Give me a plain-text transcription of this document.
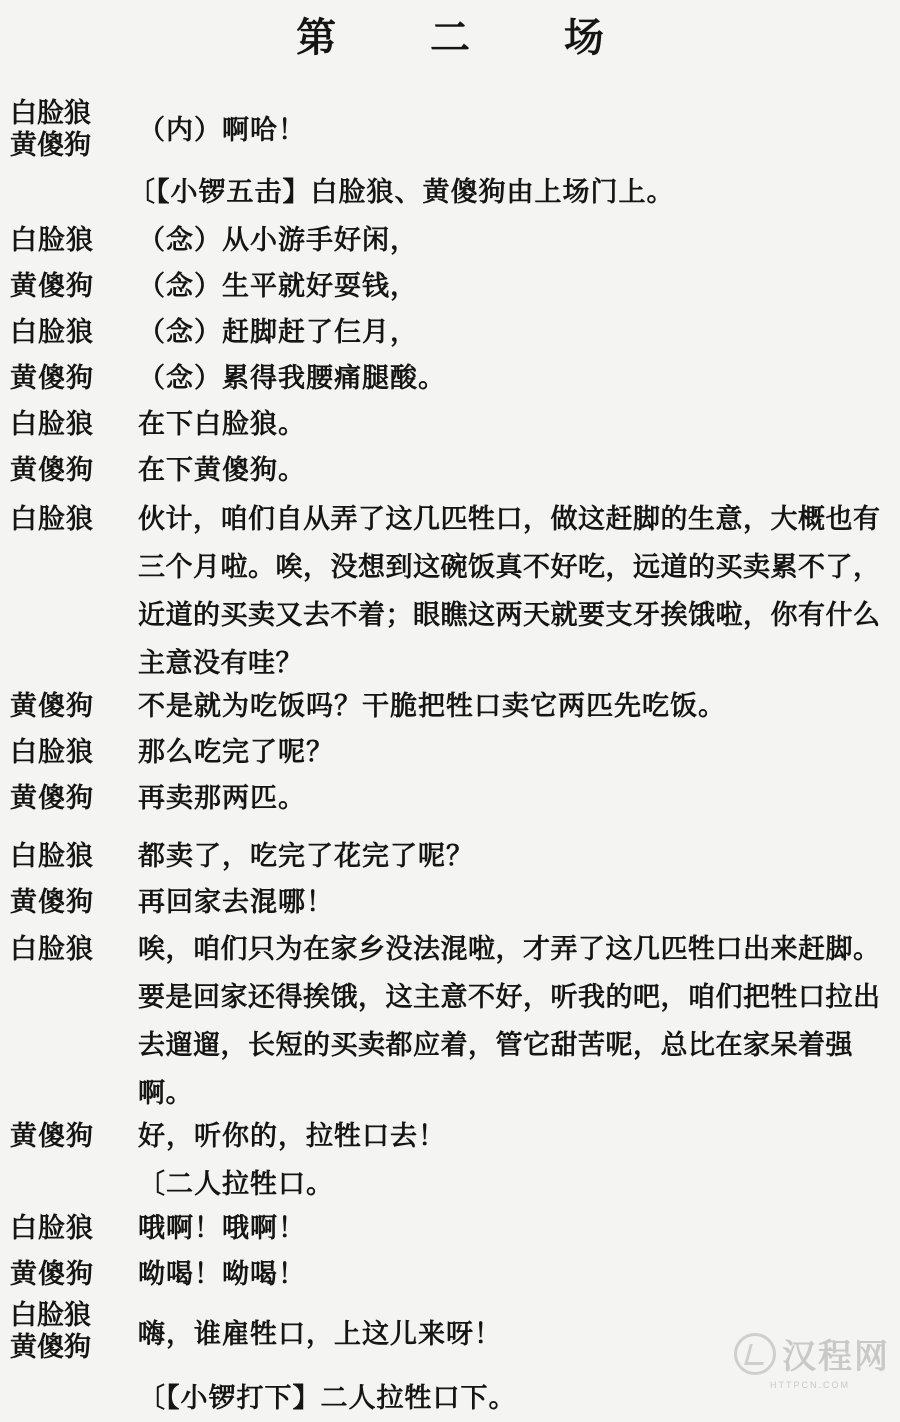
第 二 场
白脸狼
黄傻狗	（内）啊哈！
〔【小锣五击】白脸狼、黄傻狗由上场门上。
白脸狼	（念）从小游手好闲，
黄傻狗	（念）生平就好耍钱，
白脸狼	（念）赶脚赶了仨月，
黄傻狗	（念）累得我腰痛腿酸。
白脸狼	在下白脸狼。
黄傻狗	在下黄傻狗。
白脸狼	伙计，咱们自从弄了这几匹牲口，做这赶脚的生意，大概也有三个月啦。唉，没想到这碗饭真不好吃，远道的买卖累不了，近道的买卖又去不着；眼瞧这两天就要支牙挨饿啦，你有什么主意没有哇？
黄傻狗	不是就为吃饭吗？干脆把牲口卖它两匹先吃饭。
白脸狼	那么吃完了呢？
黄傻狗	再卖那两匹。
白脸狼	都卖了，吃完了花完了呢？
黄傻狗	再回家去混哪！
白脸狼	唉，咱们只为在家乡没法混啦，才弄了这几匹牲口出来赶脚。要是回家还得挨饿，这主意不好，听我的吧，咱们把牲口拉出去遛遛，长短的买卖都应着，管它甜苦呢，总比在家呆着强啊。
黄傻狗	好，听你的，拉牲口去！
〔二人拉牲口。
白脸狼	哦啊！哦啊！
黄傻狗	呦喝！呦喝！
白脸狼
黄傻狗	嗨，谁雇牲口，上这儿来呀！
〔【小锣打下】二人拉牲口下。
汉程网
HTTPCN.COM
